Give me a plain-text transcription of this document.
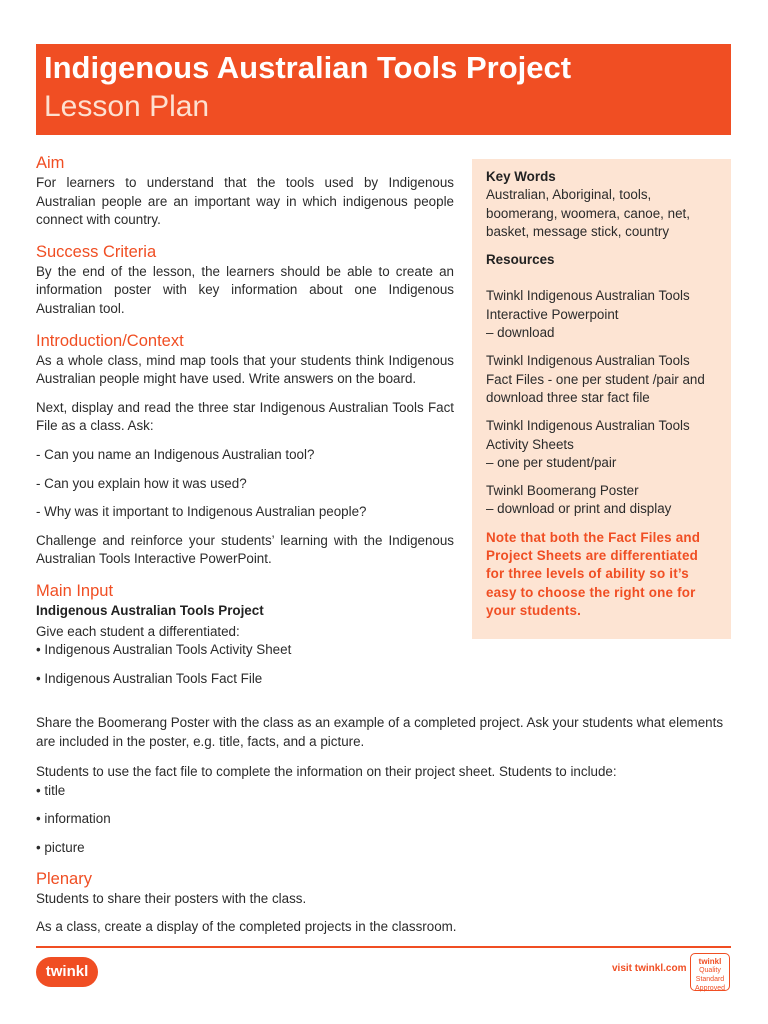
Indigenous Australian Tools Project

Lesson Plan

Aim

For learners to understand that the tools used by Indigenous Australian people are an important way in which indigenous people connect with country.

Success Criteria

By the end of the lesson, the learners should be able to create an information poster with key information about one Indigenous Australian tool.

Introduction/Context

As a whole class, mind map tools that your students think Indigenous Australian people might have used. Write answers on the board.

Next, display and read the three star Indigenous Australian Tools Fact File as a class. Ask:

- Can you name an Indigenous Australian tool?

- Can you explain how it was used?

- Why was it important to Indigenous Australian people?

Challenge and reinforce your students’ learning with the Indigenous Australian Tools Interactive PowerPoint.

Main Input

Indigenous Australian Tools Project

Give each student a differentiated:

• Indigenous Australian Tools Activity Sheet

• Indigenous Australian Tools Fact File

Share the Boomerang Poster with the class as an example of a completed project. Ask your students what elements are included in the poster, e.g. title, facts, and a picture.

Students to use the fact file to complete the information on their project sheet. Students to include:

• title

• information

• picture

Plenary

Students to share their posters with the class.

As a class, create a display of the completed projects in the classroom.

Key Words

Australian, Aboriginal, tools, boomerang, woomera, canoe, net, basket, message stick, country

Resources

Twinkl Indigenous Australian Tools Interactive Powerpoint

– download

Twinkl Indigenous Australian Tools Fact Files - one per student /pair and download three star fact file

Twinkl Indigenous Australian Tools Activity Sheets

– one per student/pair

Twinkl Boomerang Poster

– download or print and display

Note that both the Fact Files and Project Sheets are differentiated for three levels of ability so it’s easy to choose the right one for your students.

twinkl	visit twinkl.com
twinkl
Quality Standard Approved
